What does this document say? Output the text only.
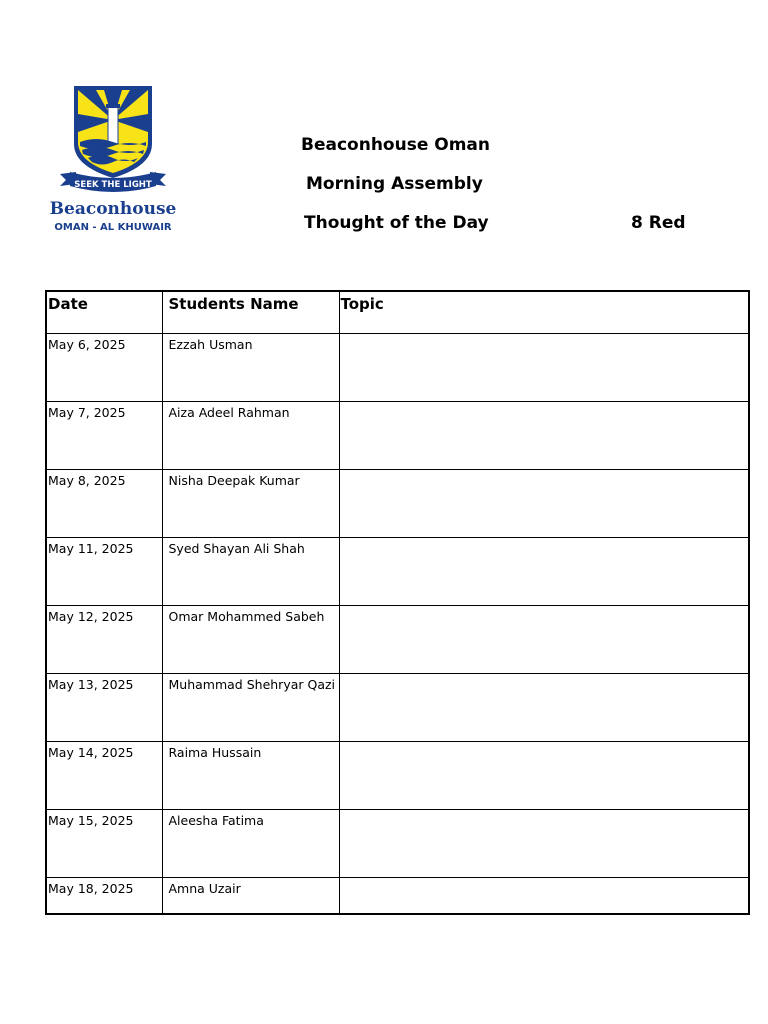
SEEK THE LIGHT
Beaconhouse
OMAN - AL KHUWAIR
Beaconhouse Oman
Morning Assembly
Thought of the Day	8 Red
Date	Students Name	Topic
May 6, 2025	Ezzah Usman	
May 7, 2025	Aiza Adeel Rahman	
May 8, 2025	Nisha Deepak Kumar	
May 11, 2025	Syed Shayan Ali Shah	
May 12, 2025	Omar Mohammed Sabeh	
May 13, 2025	Muhammad Shehryar Qazi	
May 14, 2025	Raima Hussain	
May 15, 2025	Aleesha Fatima	
May 18, 2025	Amna Uzair	
